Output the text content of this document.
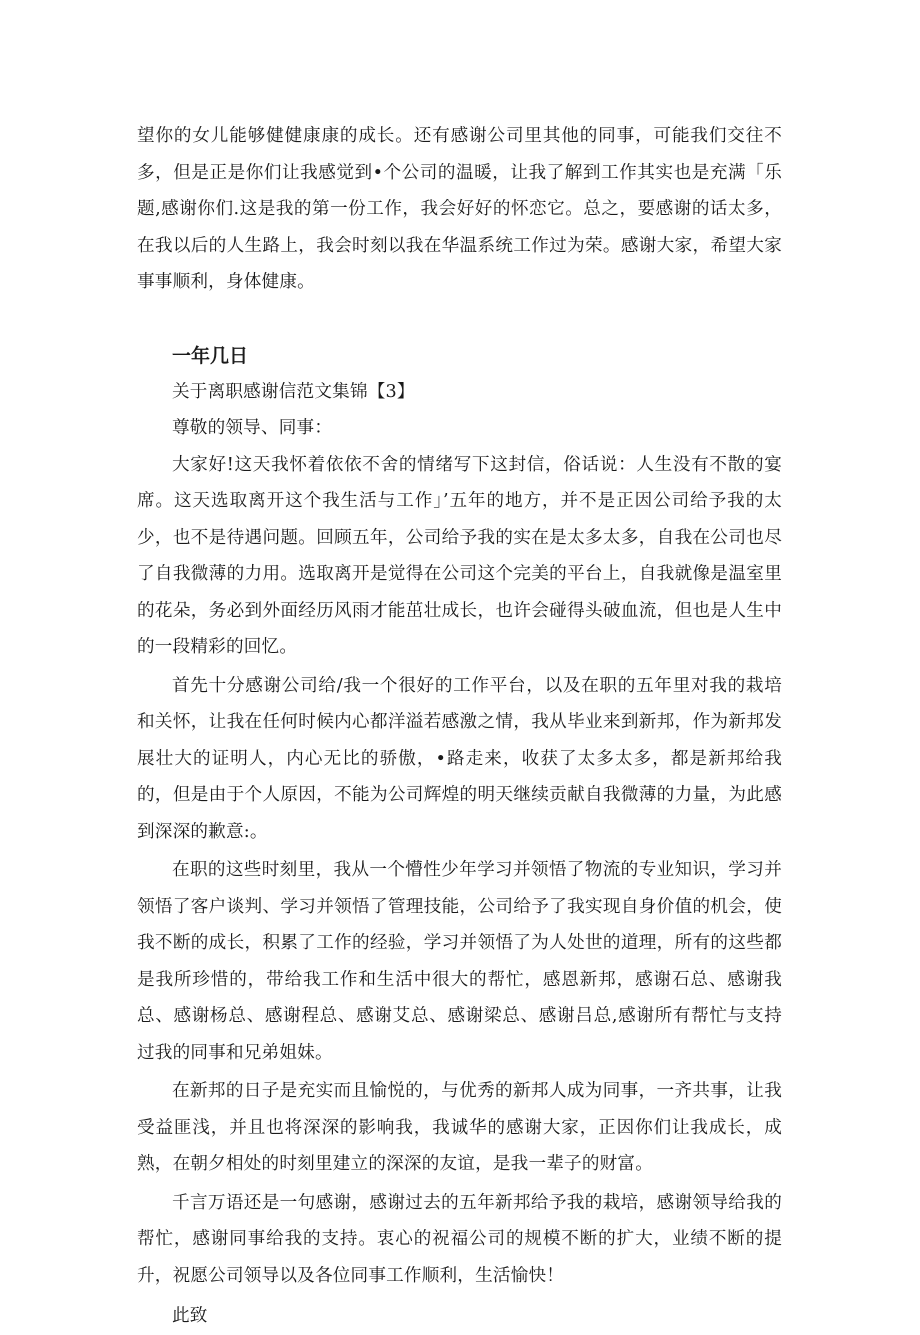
望你的女儿能够健健康康的成长。还有感谢公司里其他的同事，可能我们交往不多，但是正是你们让我感觉到•个公司的温暖，让我了解到工作其实也是充满「乐题,感谢你们.这是我的第一份工作，我会好好的怀恋它。总之，要感谢的话太多，在我以后的人生路上，我会时刻以我在华温系统工作过为荣。感谢大家，希望大家事事顺利，身体健康。

一年几日

关于离职感谢信范文集锦【3】

尊敬的领导、同事：

大家好!这天我怀着依依不舍的情绪写下这封信，俗话说：人生没有不散的宴席。这天选取离开这个我生活与工作」’五年的地方，并不是正因公司给予我的太少，也不是待遇问题。回顾五年，公司给予我的实在是太多太多，自我在公司也尽了自我微薄的力用。选取离开是觉得在公司这个完美的平台上，自我就像是温室里的花朵，务必到外面经历风雨才能茁壮成长，也许会碰得头破血流，但也是人生中的一段精彩的回忆。

首先十分感谢公司给/我一个很好的工作平台，以及在职的五年里对我的栽培和关怀，让我在任何时候内心都洋溢若感激之情，我从毕业来到新邦，作为新邦发展壮大的证明人，内心无比的骄傲，•路走来，收获了太多太多，都是新邦给我的，但是由于个人原因，不能为公司辉煌的明天继续贡献自我微薄的力量，为此感到深深的歉意:。

在职的这些时刻里，我从一个懵性少年学习并领悟了物流的专业知识，学习并领悟了客户谈判、学习并领悟了管理技能，公司给予了我实现自身价值的机会，使我不断的成长，积累了工作的经验，学习并领悟了为人处世的道理，所有的这些都是我所珍惜的，带给我工作和生活中很大的帮忙，感恩新邦，感谢石总、感谢我总、感谢杨总、感谢程总、感谢艾总、感谢梁总、感谢吕总,感谢所有帮忙与支持过我的同事和兄弟姐妹。

在新邦的日子是充实而且愉悦的，与优秀的新邦人成为同事，一齐共事，让我受益匪浅，并且也将深深的影响我，我诚华的感谢大家，正因你们让我成长，成熟，在朝夕相处的时刻里建立的深深的友谊，是我一辈子的财富。

千言万语还是一句感谢，感谢过去的五年新邦给予我的栽培，感谢领导给我的帮忙，感谢同事给我的支持。衷心的祝福公司的规模不断的扩大，业绩不断的提升，祝愿公司领导以及各位同事工作顺利，生活愉快！

此致
